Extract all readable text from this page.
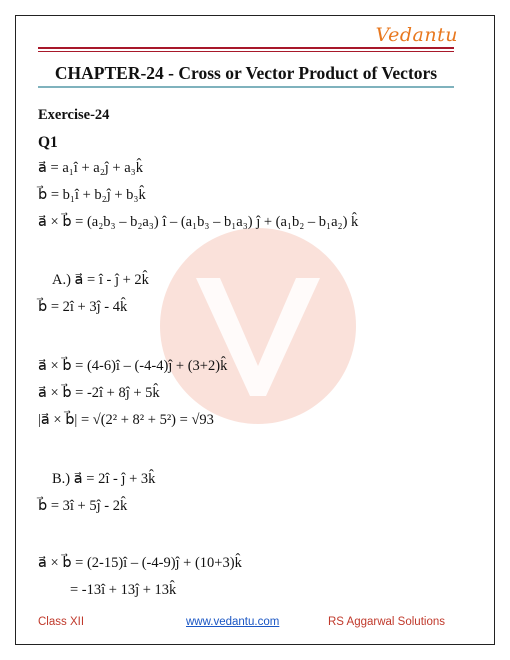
Vedantu
CHAPTER-24 - Cross or Vector Product of Vectors
Exercise-24
Q1
a⃗ = a₁î + a₂ĵ + a₃k̂
b⃗ = b₁î + b₂ĵ + b₃k̂
a⃗ × b⃗ = (a₂b₃ – b₂a₃) î – (a₁b₃ – b₁a₃) ĵ + (a₁b₂ – b₁a₂) k̂
A.) a⃗ = î - ĵ + 2k̂
b⃗ = 2î + 3ĵ - 4k̂
a⃗ × b⃗ = (4-6)î – (-4-4)ĵ + (3+2)k̂
a⃗ × b⃗ = -2î + 8ĵ + 5k̂
|a⃗ × b⃗| = √(2² + 8² + 5²) = √93
B.) a⃗ = 2î - ĵ + 3k̂
b⃗ = 3î + 5ĵ - 2k̂
a⃗ × b⃗ = (2-15)î – (-4-9)ĵ + (10+3)k̂
= -13î + 13ĵ + 13k̂
Class XII	www.vedantu.com	RS Aggarwal Solutions
